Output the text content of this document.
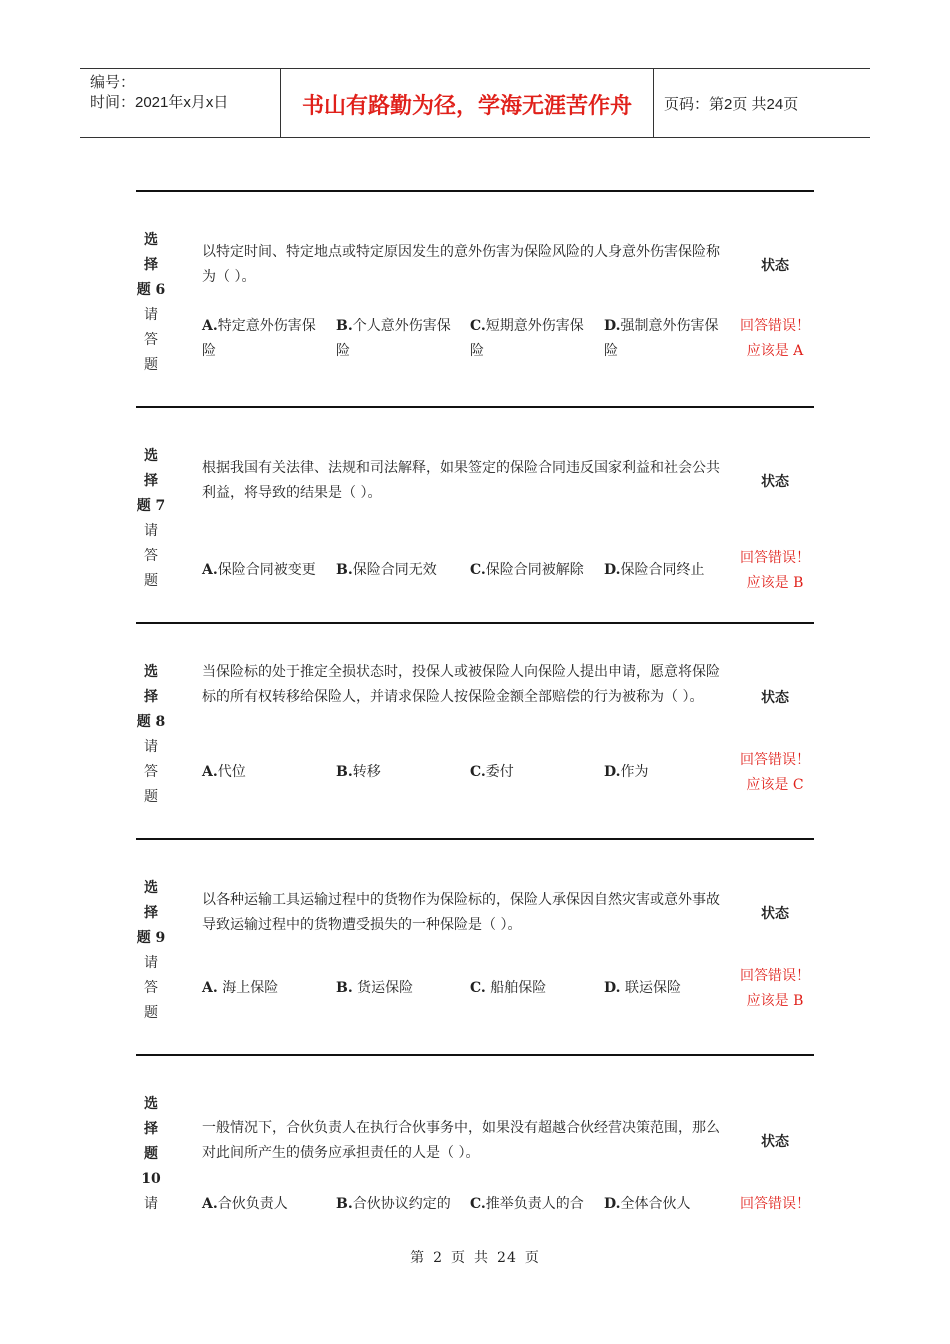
编号：
时间：2021年x月x日	书山有路勤为径，学海无涯苦作舟 页码：第2页 共24页
选
择
题 6
请
答
题
以特定时间、特定地点或特定原因发生的意外伤害为保险风险的人身意外伤害保险称为（ ）。
A.特定意外伤害保险
B.个人意外伤害保险
C.短期意外伤害保险
D.强制意外伤害保险
状态
回答错误！
应该是 A
选
择
题 7
请
答
题
根据我国有关法律、法规和司法解释，如果签定的保险合同违反国家利益和社会公共利益，将导致的结果是（ ）。
A.保险合同被变更	B.保险合同无效	C.保险合同被解除	D.保险合同终止
状态
回答错误！
应该是 B
选
择
题 8
请
答
题
当保险标的处于推定全损状态时，投保人或被保险人向保险人提出申请，愿意将保险标的所有权转移给保险人，并请求保险人按保险金额全部赔偿的行为被称为（ ）。
A.代位	B.转移	C.委付	D.作为
状态
回答错误！
应该是 C
选
择
题 9
请
答
题
以各种运输工具运输过程中的货物作为保险标的，保险人承保因自然灾害或意外事故导致运输过程中的货物遭受损失的一种保险是（ ）。
A. 海上保险	B. 货运保险	C. 船舶保险	D. 联运保险
状态
回答错误！
应该是 B
选
择
题
10
请
一般情况下，合伙负责人在执行合伙事务中，如果没有超越合伙经营决策范围，那么对此间所产生的债务应承担责任的人是（ ）。
A.合伙负责人	B.合伙协议约定的	C.推举负责人的合	D.全体合伙人
状态
回答错误！
第 2 页 共 24 页
